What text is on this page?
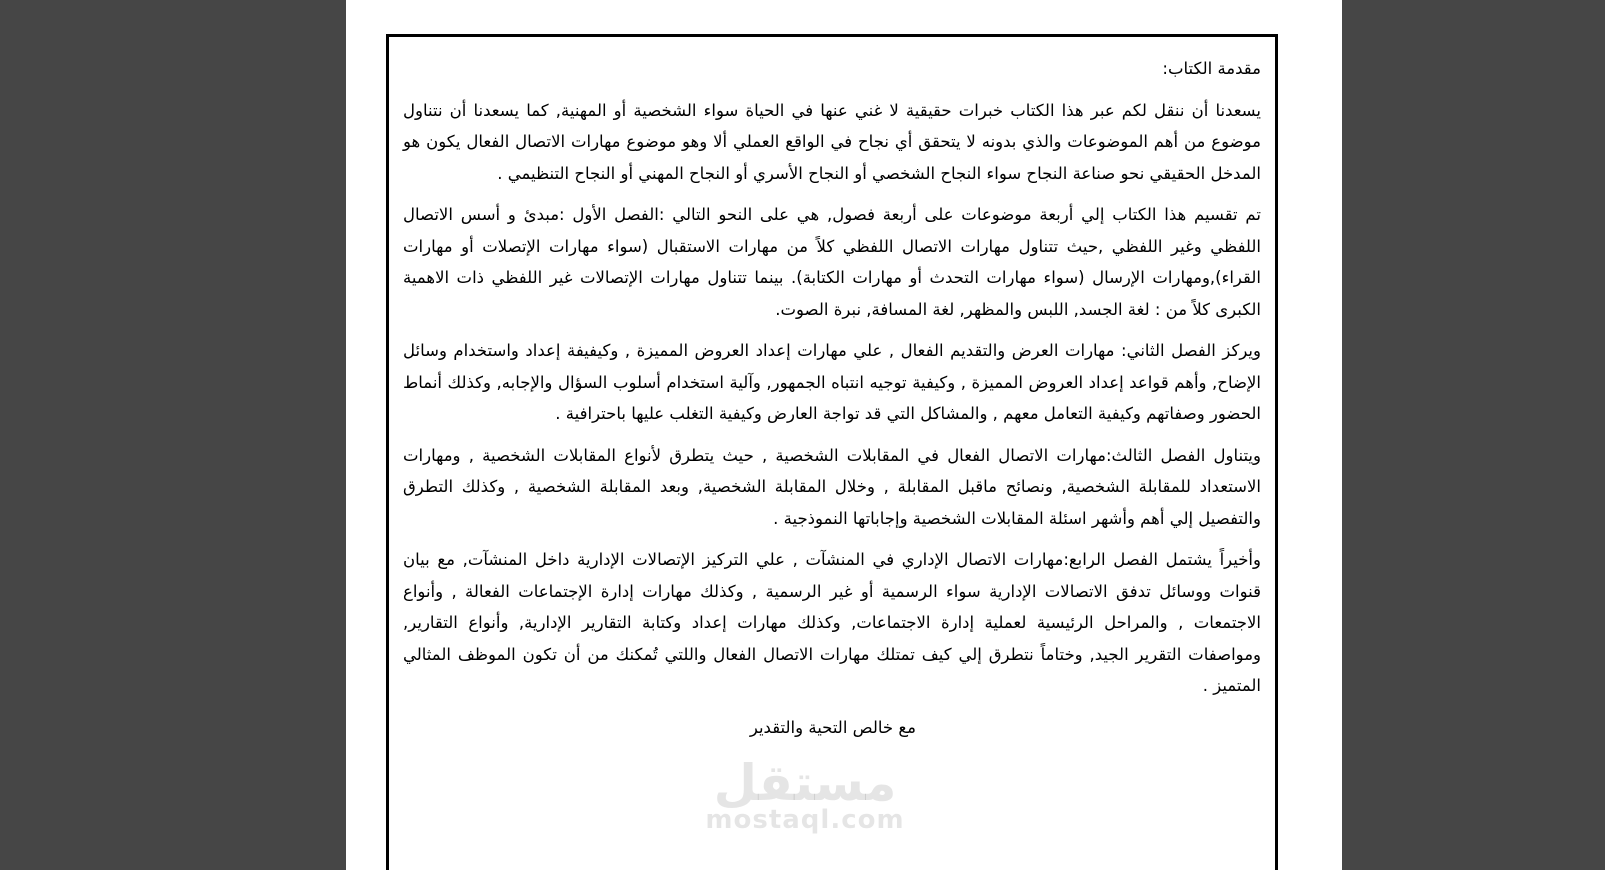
مقدمة الكتاب:

يسعدنا أن ننقل لكم عبر هذا الكتاب خبرات حقيقية لا غني عنها في الحياة سواء الشخصية أو المهنية, كما يسعدنا أن نتناول موضوع من أهم الموضوعات والذي بدونه لا يتحقق أي نجاح في الواقع العملي ألا وهو موضوع مهارات الاتصال الفعال يكون هو المدخل الحقيقي نحو صناعة النجاح سواء النجاح الشخصي أو النجاح الأسري أو النجاح المهني أو النجاح التنظيمي .

تم تقسيم هذا الكتاب إلي أربعة موضوعات على أربعة فصول, هي على النحو التالي :الفصل الأول :مبدئ و أسس الاتصال اللفظي وغير اللفظي ,حيث تتناول مهارات الاتصال اللفظي كلاً من مهارات الاستقبال (سواء مهارات الإتصلات أو مهارات القراء),ومهارات الإرسال (سواء مهارات التحدث أو مهارات الكتابة). بينما تتناول مهارات الإتصالات غير اللفظي ذات الاهمية الكبرى كلاً من : لغة الجسد, اللبس والمظهر, لغة المسافة, نبرة الصوت.

ويركز الفصل الثاني: مهارات العرض والتقديم الفعال , علي مهارات إعداد العروض المميزة , وكيفيفة إعداد واستخدام وسائل الإضاح, وأهم قواعد إعداد العروض المميزة , وكيفية توجيه انتباه الجمهور, وآلية استخدام أسلوب السؤال والإجابه, وكذلك أنماط الحضور وصفاتهم وكيفية التعامل معهم , والمشاكل التي قد تواجة العارض وكيفية التغلب عليها باحترافية .

ويتناول الفصل الثالث:مهارات الاتصال الفعال في المقابلات الشخصية , حيث يتطرق لأنواع المقابلات الشخصية , ومهارات الاستعداد للمقابلة الشخصية, ونصائح ماقبل المقابلة , وخلال المقابلة الشخصية, وبعد المقابلة الشخصية , وكذلك التطرق والتفصيل إلي أهم وأشهر اسئلة المقابلات الشخصية وإجاباتها النموذجية .

وأخيراً يشتمل الفصل الرابع:مهارات الاتصال الإداري في المنشآت , علي التركيز الإتصالات الإدارية داخل المنشآت, مع بيان قنوات ووسائل تدفق الاتصالات الإدارية سواء الرسمية أو غير الرسمية , وكذلك مهارات إدارة الإجتماعات الفعالة , وأنواع الاجتمعات , والمراحل الرئيسية لعملية إدارة الاجتماعات, وكذلك مهارات إعداد وكتابة التقارير الإدارية, وأنواع التقارير, ومواصفات التقرير الجيد, وختاماً نتطرق إلي كيف تمتلك مهارات الاتصال الفعال واللتي تُمكنك من أن تكون الموظف المثالي المتميز .

مع خالص التحية والتقدير
